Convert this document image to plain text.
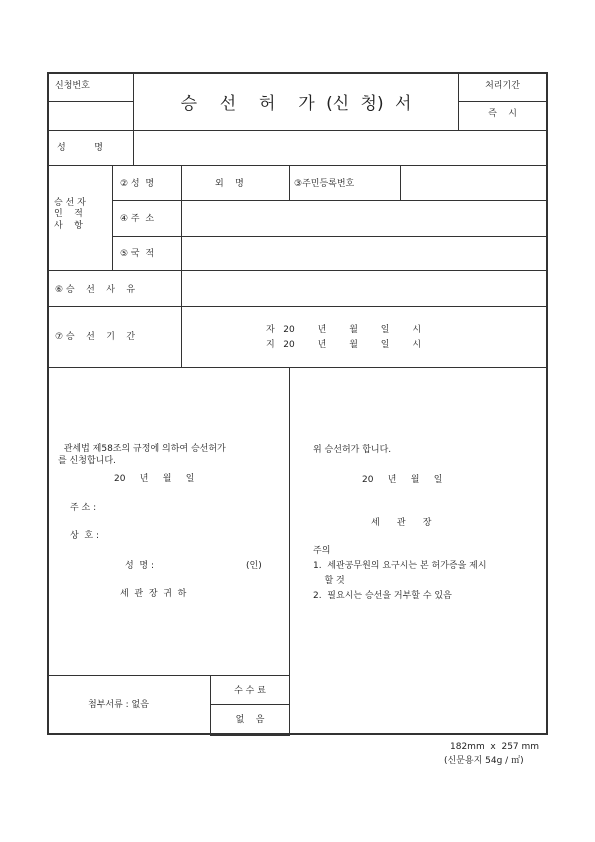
신청번호
승  선  허  가 (신 청) 서
처리기간
즉    시
성          명
승 선 자
인    적
사    항
② 성  명	외    명	③주민등록번호
④ 주  소
⑤ 국  적
⑥ 승    선    사    유
⑦ 승    선    기    간
자   20        년        월        일        시
지   20        년        월        일        시
관세법 제58조의 규정에 의하여 승선허가
를 신청합니다.
20     년     월     일
주 소 :
상  호 :
성  명 :	(인)
세  관  장  귀  하
위 승선허가 합니다.
20     년     월     일
세      관      장
주의
1.  세관공무원의 요구시는 본 허가증을 제시
할 것
2.  필요시는 승선을 거부할 수 있음
첨부서류 : 없음
수 수 료
없    음
182mm  x  257 mm
(신문용지 54g / ㎡)
